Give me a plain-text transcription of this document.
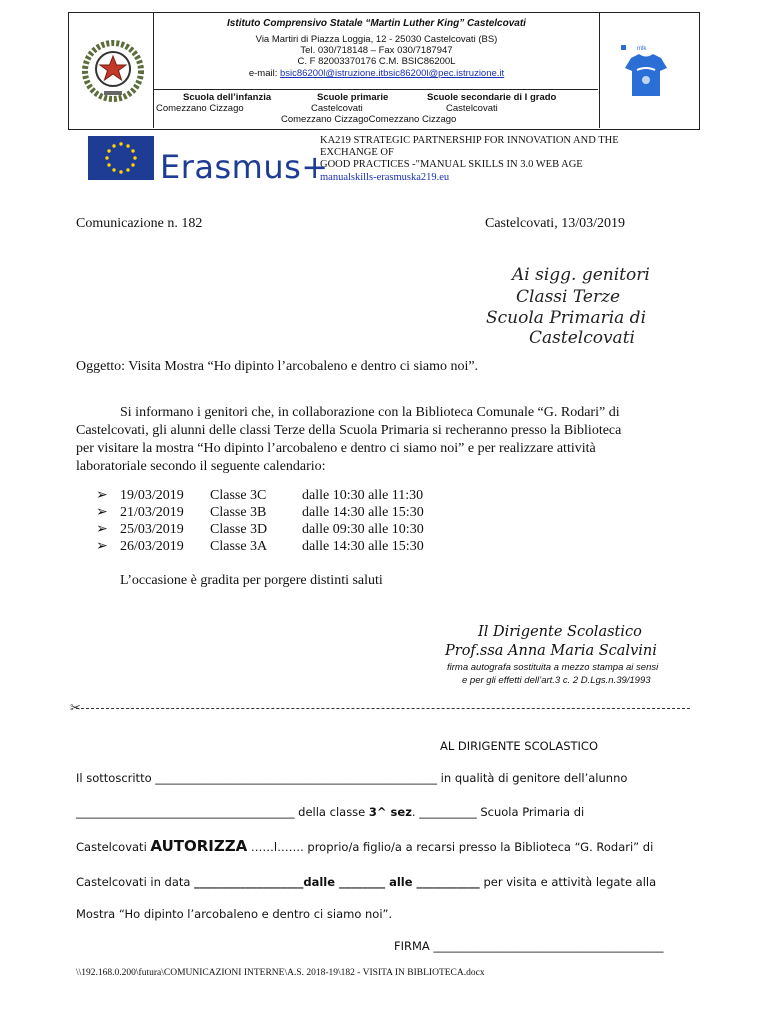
Istituto Comprensivo Statale “Martin Luther King” Castelcovati
Via Martiri di Piazza Loggia, 12 - 25030 Castelcovati (BS)
Tel. 030/718148 – Fax 030/7187947
C. F 82003370176 C.M. BSIC86200L
e-mail: bsic86200l@istruzione.itbsic86200l@pec.istruzione.it
Scuola dell’infanzia	Scuole primarie	Scuole secondarie di I grado
Comezzano Cizzago	Castelcovati	Castelcovati
Comezzano CizzagoComezzano Cizzago
mlk
Erasmus+
KA219 STRATEGIC PARTNERSHIP FOR INNOVATION AND THE
EXCHANGE OF
GOOD PRACTICES -"MANUAL SKILLS IN 3.0 WEB AGE
manualskills-erasmuska219.eu
Comunicazione n. 182	Castelcovati, 13/03/2019
Ai sigg. genitori
Classi Terze
Scuola Primaria di
Castelcovati
Oggetto: Visita Mostra “Ho dipinto l’arcobaleno e dentro ci siamo noi”.
Si informano i genitori che, in collaborazione con la Biblioteca Comunale “G. Rodari” di
Castelcovati, gli alunni delle classi Terze della Scuola Primaria si recheranno presso la Biblioteca
per visitare la mostra “Ho dipinto l’arcobaleno e dentro ci siamo noi” e per realizzare attività
laboratoriale secondo il seguente calendario:
➢ 19/03/2019 Classe 3C	dalle 10:30 alle 11:30
➢ 21/03/2019 Classe 3B	dalle 14:30 alle 15:30
➢ 25/03/2019 Classe 3D dalle 09:30 alle 10:30
➢ 26/03/2019 Classe 3A dalle 14:30 alle 15:30
L’occasione è gradita per porgere distinti saluti
Il Dirigente Scolastico
Prof.ssa Anna Maria Scalvini
firma autografa sostituita a mezzo stampa ai sensi
e per gli effetti dell’art.3 c. 2 D.Lgs.n.39/1993
✂
AL DIRIGENTE SCOLASTICO
Il sottoscritto _________________________________________________ in qualità di genitore dell’alunno
______________________________________ della classe 3^ sez. __________ Scuola Primaria di
Castelcovati AUTORIZZA ……l……. proprio/a figlio/a a recarsi presso la Biblioteca “G. Rodari” di
Castelcovati in data ___________________dalle ________ alle ___________ per visita e attività legate alla
Mostra “Ho dipinto l’arcobaleno e dentro ci siamo noi”.
FIRMA ________________________________________
\\192.168.0.200\futura\COMUNICAZIONI INTERNE\A.S. 2018-19\182 - VISITA IN BIBLIOTECA.docx
